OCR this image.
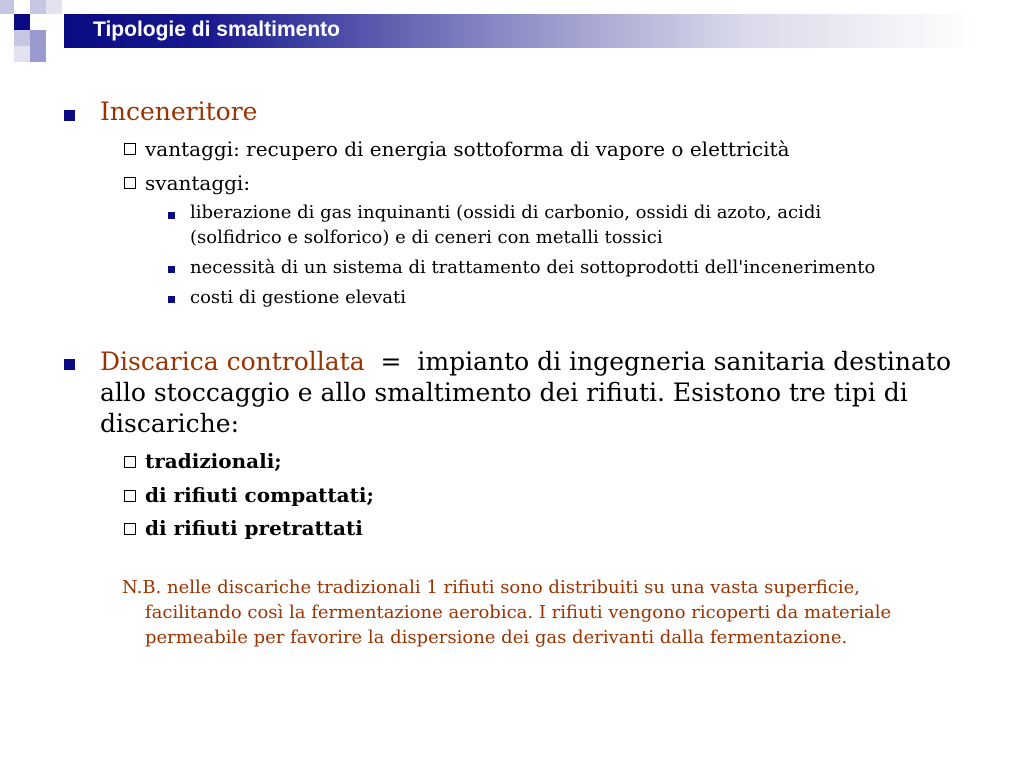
Tipologie di smaltimento
Inceneritore
vantaggi: recupero di energia sottoforma di vapore o elettricità
svantaggi:
liberazione di gas inquinanti (ossidi di carbonio, ossidi di azoto, acidi
(solfidrico e solforico) e di ceneri con metalli tossici
necessità di un sistema di trattamento dei sottoprodotti dell'incenerimento
costi di gestione elevati
Discarica controllata = impianto di ingegneria sanitaria destinato
allo stoccaggio e allo smaltimento dei rifiuti. Esistono tre tipi di
discariche:
tradizionali;
di rifiuti compattati;
di rifiuti pretrattati
N.B. nelle discariche tradizionali 1 rifiuti sono distribuiti su una vasta superficie,
facilitando così la fermentazione aerobica. I rifiuti vengono ricoperti da materiale
permeabile per favorire la dispersione dei gas derivanti dalla fermentazione.
